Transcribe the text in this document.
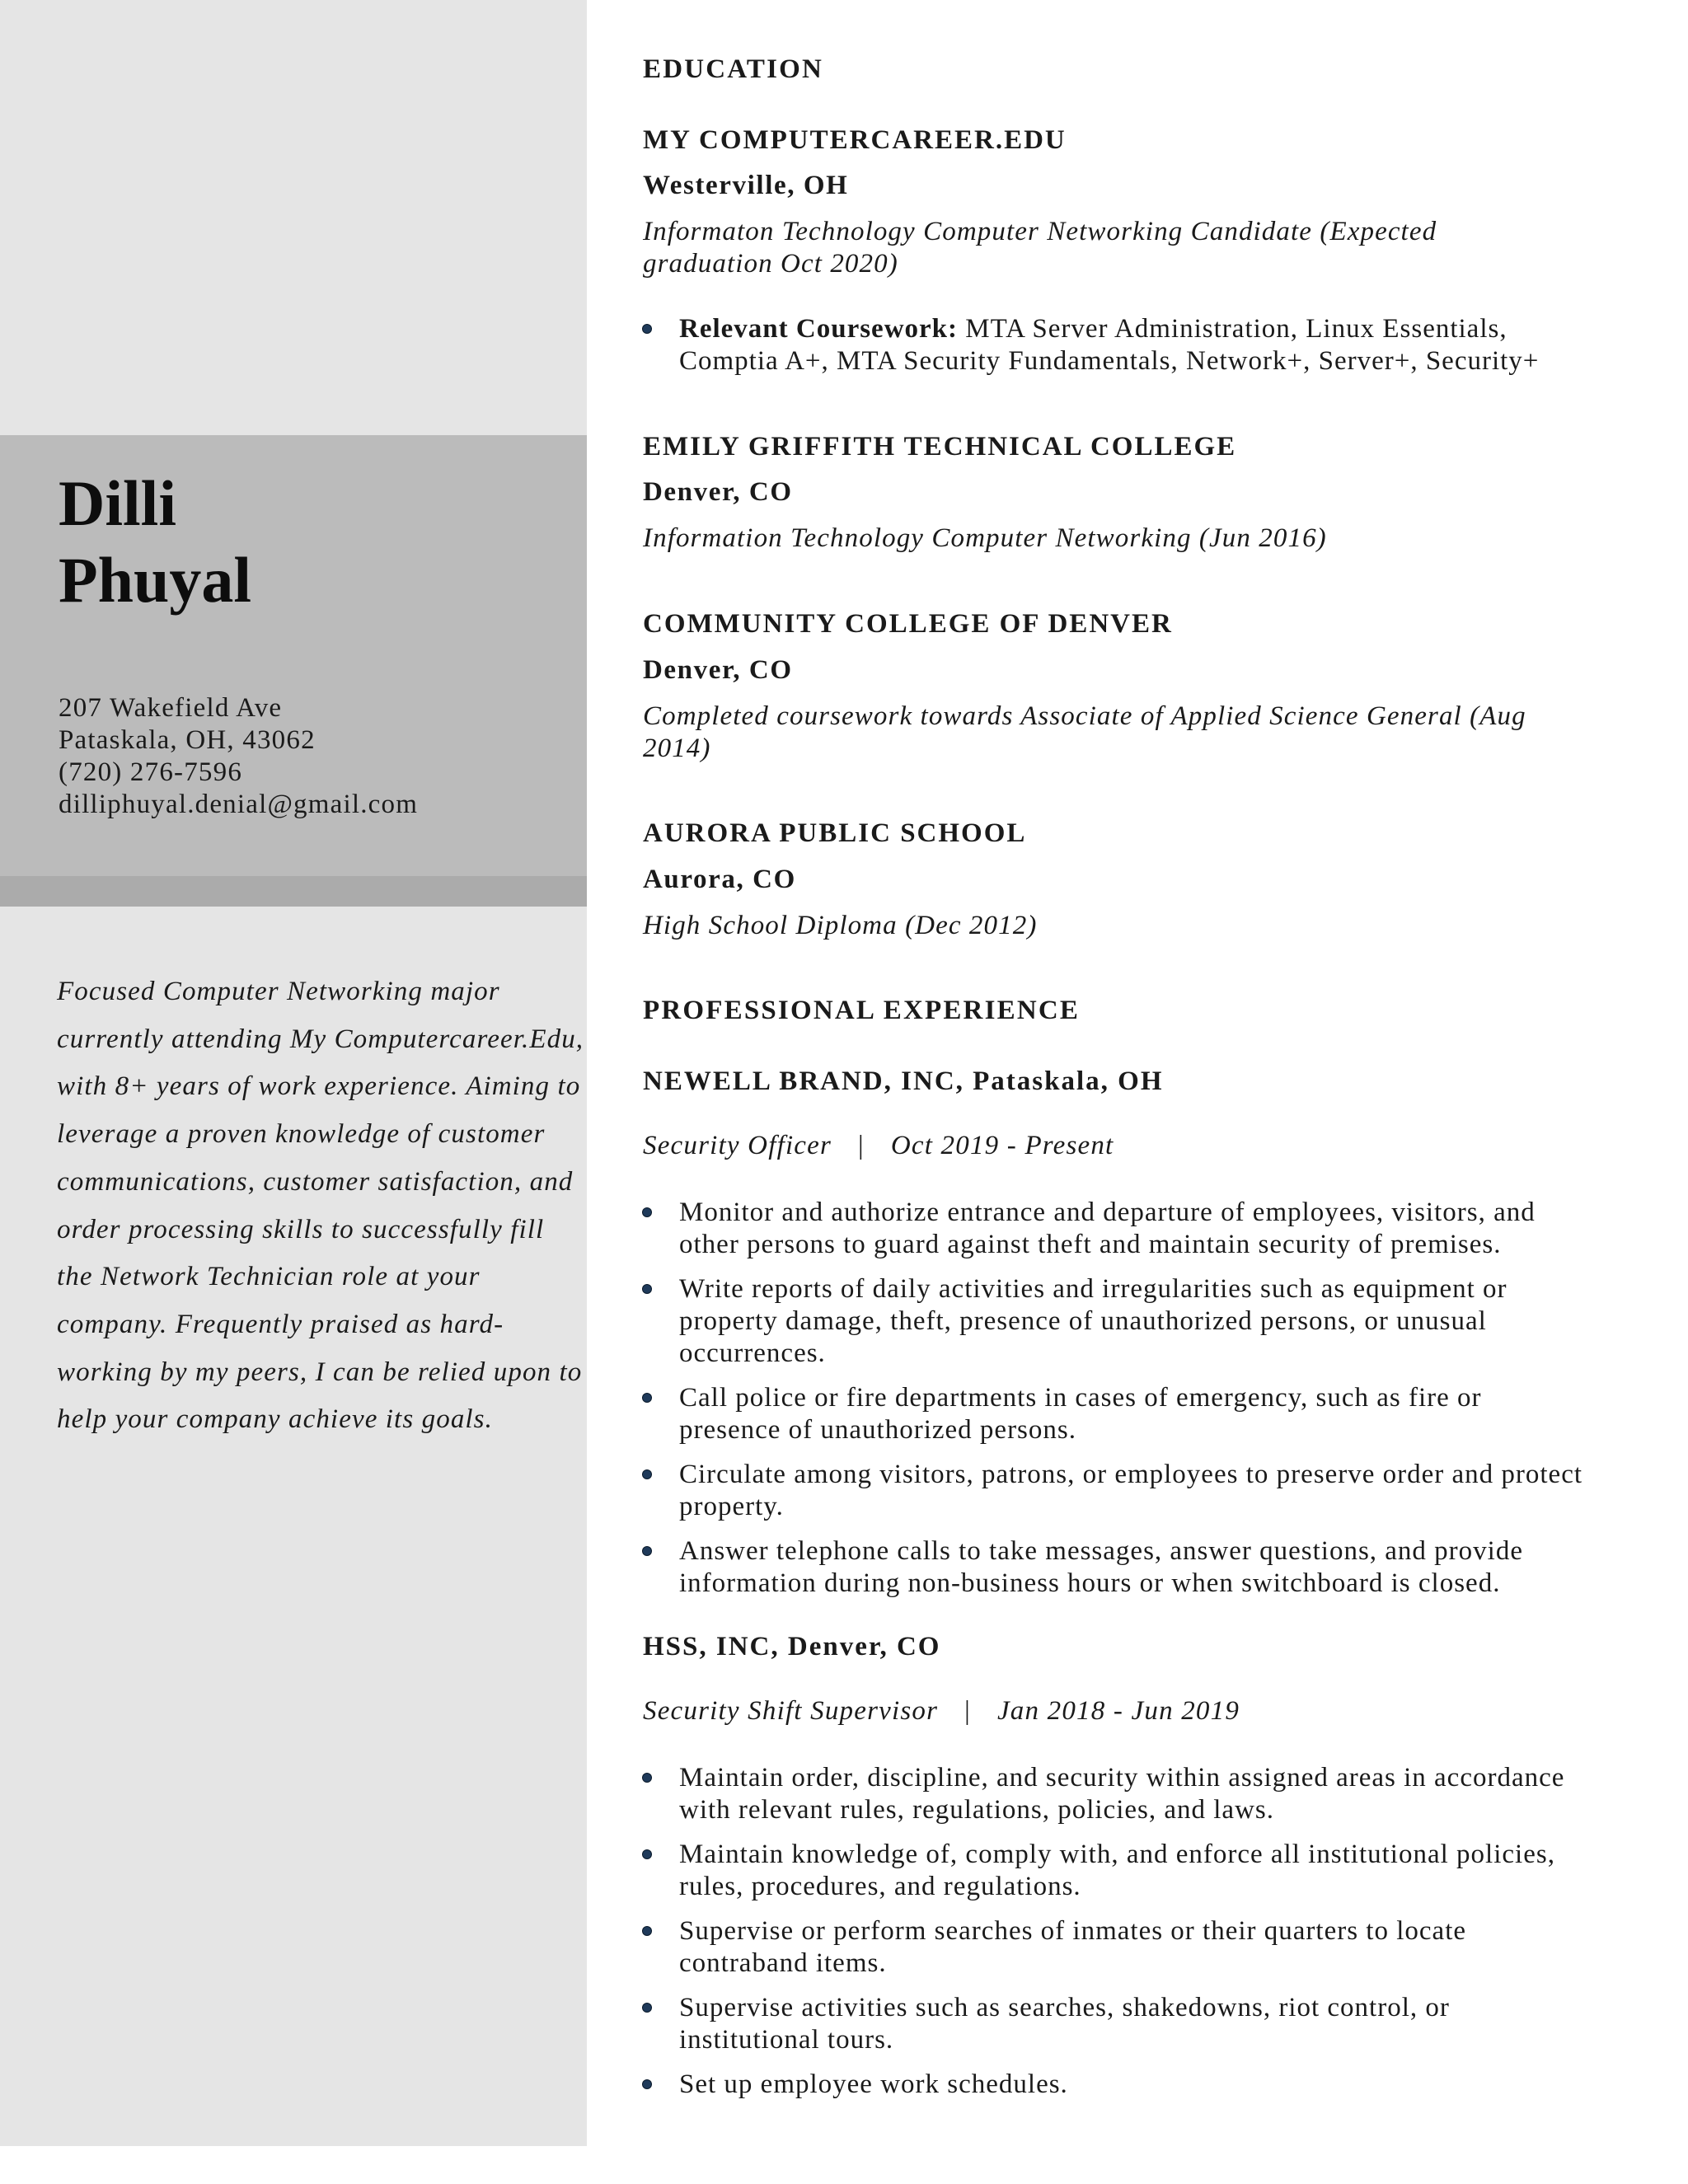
Dilli
Phuyal
207 Wakefield Ave
Pataskala, OH, 43062
(720) 276-7596
dilliphuyal.denial@gmail.com
Focused Computer Networking major currently attending My Computercareer.Edu, with 8+ years of work experience. Aiming to leverage a proven knowledge of customer communications, customer satisfaction, and order processing skills to successfully fill the Network Technician role at your company. Frequently praised as hard-working by my peers, I can be relied upon to help your company achieve its goals.
EDUCATION
MY COMPUTERCAREER.EDU
Westerville, OH
Informaton Technology Computer Networking Candidate (Expected graduation Oct 2020)
Relevant Coursework: MTA Server Administration, Linux Essentials, Comptia A+, MTA Security Fundamentals, Network+, Server+, Security+
EMILY GRIFFITH TECHNICAL COLLEGE
Denver, CO
Information Technology Computer Networking (Jun 2016)
COMMUNITY COLLEGE OF DENVER
Denver, CO
Completed coursework towards Associate of Applied Science General (Aug 2014)
AURORA PUBLIC SCHOOL
Aurora, CO
High School Diploma (Dec 2012)
PROFESSIONAL EXPERIENCE
NEWELL BRAND, INC, Pataskala, OH
Security Officer | Oct 2019 - Present
Monitor and authorize entrance and departure of employees, visitors, and other persons to guard against theft and maintain security of premises.
Write reports of daily activities and irregularities such as equipment or property damage, theft, presence of unauthorized persons, or unusual occurrences.
Call police or fire departments in cases of emergency, such as fire or presence of unauthorized persons.
Circulate among visitors, patrons, or employees to preserve order and protect property.
Answer telephone calls to take messages, answer questions, and provide information during non-business hours or when switchboard is closed.
HSS, INC, Denver, CO
Security Shift Supervisor | Jan 2018 - Jun 2019
Maintain order, discipline, and security within assigned areas in accordance with relevant rules, regulations, policies, and laws.
Maintain knowledge of, comply with, and enforce all institutional policies, rules, procedures, and regulations.
Supervise or perform searches of inmates or their quarters to locate contraband items.
Supervise activities such as searches, shakedowns, riot control, or institutional tours.
Set up employee work schedules.
